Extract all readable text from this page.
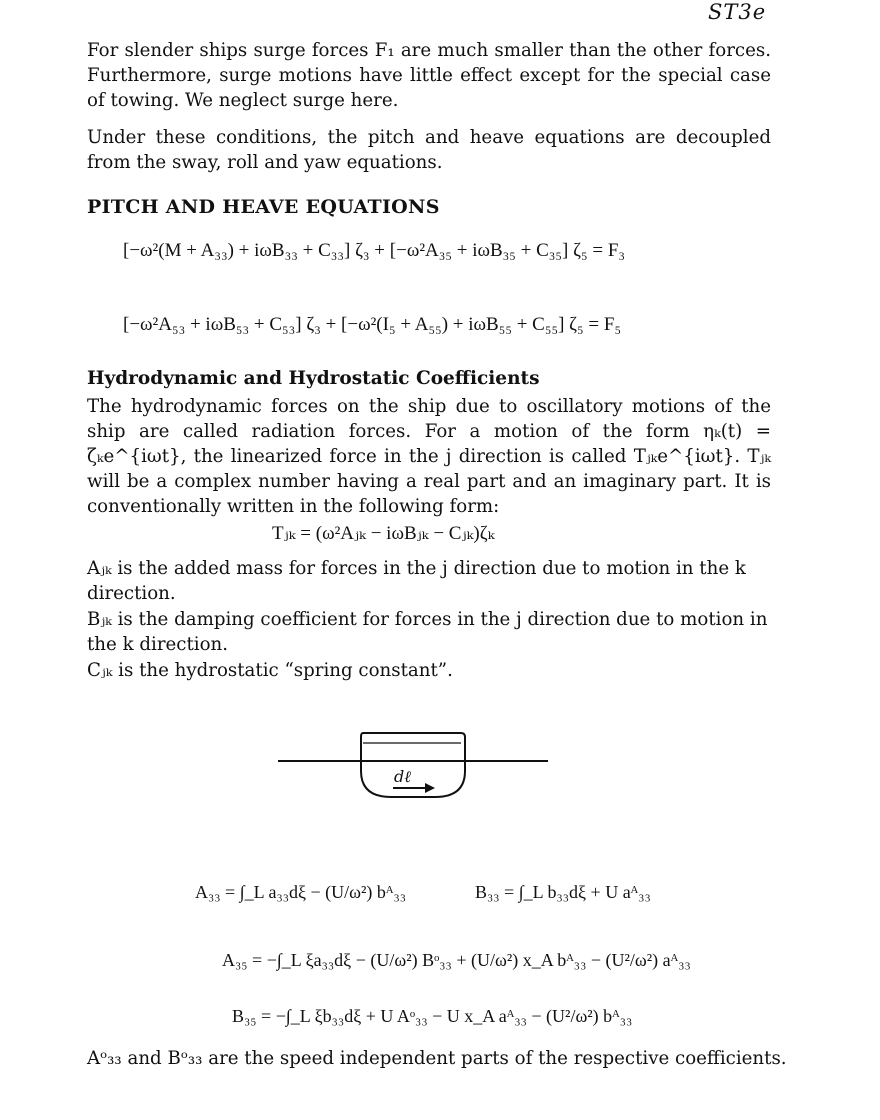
ST3e

For slender ships surge forces F₁ are much smaller than the other forces. Furthermore, surge motions have little effect except for the special case of towing. We neglect surge here.

Under these conditions, the pitch and heave equations are decoupled from the sway, roll and yaw equations.

PITCH AND HEAVE EQUATIONS
[−ω²(M + A₃₃) + iωB₃₃ + C₃₃] ζ₃ + [−ω²A₃₅ + iωB₃₅ + C₃₅] ζ₅ = F₃
[−ω²A₅₃ + iωB₅₃ + C₅₃] ζ₃ + [−ω²(I₅ + A₅₅) + iωB₅₅ + C₅₅] ζ₅ = F₅
Hydrodynamic and Hydrostatic Coefficients

The hydrodynamic forces on the ship due to oscillatory motions of the ship are called radiation forces. For a motion of the form ηₖ(t) = ζₖe^{iωt}, the linearized force in the j direction is called Tⱼₖe^{iωt}. Tⱼₖ will be a complex number having a real part and an imaginary part. It is conventionally written in the following form:

Tⱼₖ = (ω²Aⱼₖ − iωBⱼₖ − Cⱼₖ)ζₖ

Aⱼₖ is the added mass for forces in the j direction due to motion in the k direction.

Bⱼₖ is the damping coefficient for forces in the j direction due to motion in the k direction.

Cⱼₖ is the hydrostatic “spring constant”.

dℓ
A₃₃ = ∫_L a₃₃dξ − (U/ω²) bᴬ₃₃	B₃₃ = ∫_L b₃₃dξ + U aᴬ₃₃
A₃₅ = −∫_L ξa₃₃dξ − (U/ω²) Bᵒ₃₃ + (U/ω²) x_A bᴬ₃₃ − (U²/ω²) aᴬ₃₃
B₃₅ = −∫_L ξb₃₃dξ + U Aᵒ₃₃ − U x_A aᴬ₃₃ − (U²/ω²) bᴬ₃₃
Aᵒ₃₃ and Bᵒ₃₃ are the speed independent parts of the respective coefficients.
